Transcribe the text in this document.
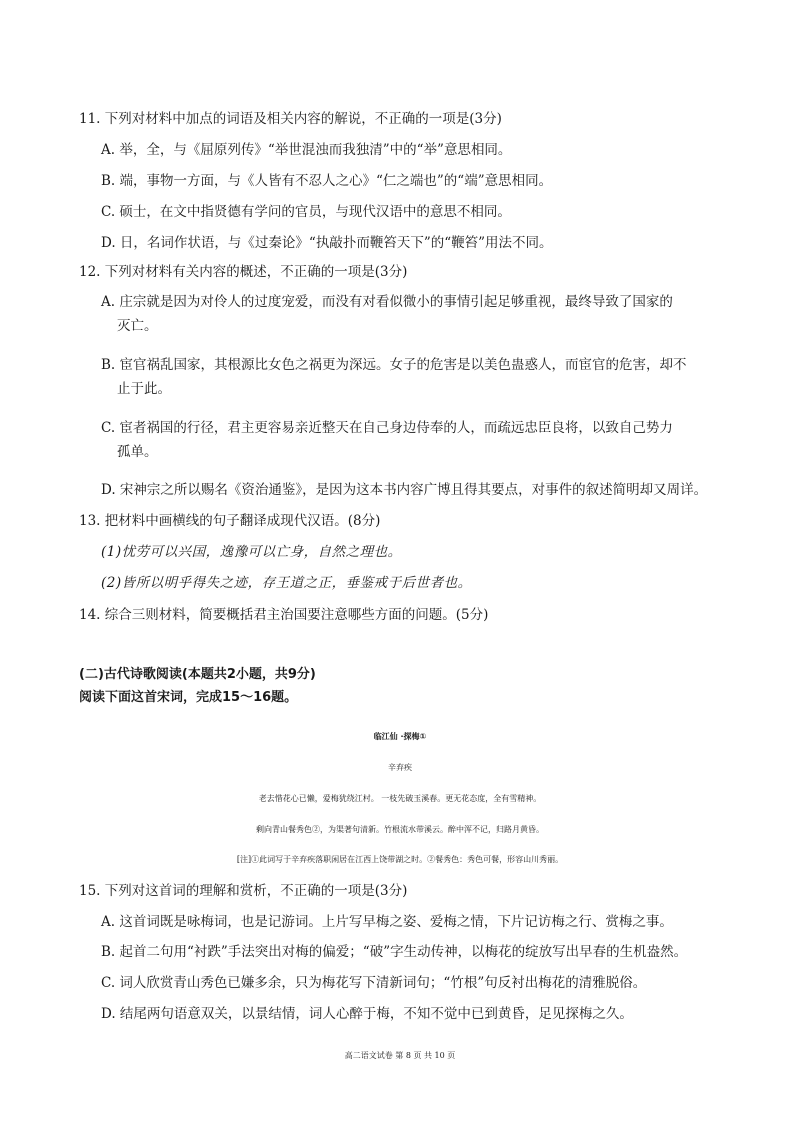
11. 下列对材料中加点的词语及相关内容的解说，不正确的一项是(3分)
A. 举，全，与《屈原列传》“举世混浊而我独清”中的“举”意思相同。
B. 端，事物一方面，与《人皆有不忍人之心》“仁之端也”的“端”意思相同。
C. 硕士，在文中指贤德有学问的官员，与现代汉语中的意思不相同。
D. 日，名词作状语，与《过秦论》“执敲扑而鞭笞天下”的“鞭笞”用法不同。
12. 下列对材料有关内容的概述，不正确的一项是(3分)
A. 庄宗就是因为对伶人的过度宠爱，而没有对看似微小的事情引起足够重视，最终导致了国家的
灭亡。
B. 宦官祸乱国家，其根源比女色之祸更为深远。女子的危害是以美色蛊惑人，而宦官的危害，却不
止于此。
C. 宦者祸国的行径，君主更容易亲近整天在自己身边侍奉的人，而疏远忠臣良将，以致自己势力
孤单。
D. 宋神宗之所以赐名《资治通鉴》，是因为这本书内容广博且得其要点，对事件的叙述简明却又周详。
13. 把材料中画横线的句子翻译成现代汉语。(8分)
(1)忧劳可以兴国，逸豫可以亡身，自然之理也。
(2)皆所以明乎得失之迹，存王道之正，垂鉴戒于后世者也。
14. 综合三则材料，简要概括君主治国要注意哪些方面的问题。(5分)
(二)古代诗歌阅读(本题共2小题，共9分)
阅读下面这首宋词，完成15～16题。
临江仙 ·探梅①
辛弃疾
老去惜花心已懒，爱梅犹绕江村。 一枝先破玉溪春。更无花态度，全有雪精神。
剩向青山餐秀色②，为渠著句清新。竹根流水带溪云。醉中浑不记，归路月黄昏。
[注]①此词写于辛弃疾落职闲居在江西上饶带湖之时。②餐秀色：秀色可餐，形容山川秀丽。
15. 下列对这首词的理解和赏析，不正确的一项是(3分)
A. 这首词既是咏梅词，也是记游词。上片写早梅之姿、爱梅之情，下片记访梅之行、赏梅之事。
B. 起首二句用“衬跌”手法突出对梅的偏爱；“破”字生动传神，以梅花的绽放写出早春的生机盎然。
C. 词人欣赏青山秀色已嫌多余，只为梅花写下清新词句；“竹根”句反衬出梅花的清雅脱俗。
D. 结尾两句语意双关，以景结情，词人心醉于梅，不知不觉中已到黄昏，足见探梅之久。
高二语文试卷 第 8 页 共 10 页
